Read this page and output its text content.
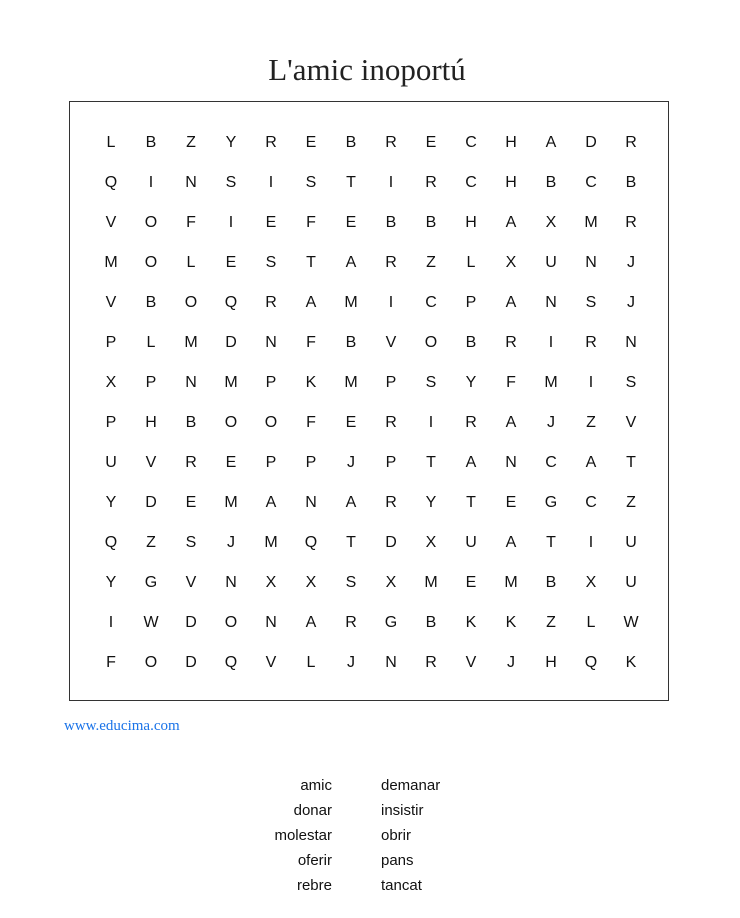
L'amic inoportú
L	B	Z	Y	R	E	B	R	E	C	H	A	D	R
Q	I	N	S	I	S	T	I	R	C	H	B	C	B
V	O	F	I	E	F	E	B	B	H	A	X	M	R
M	O	L	E	S	T	A	R	Z	L	X	U	N	J
V	B	O	Q	R	A	M	I	C	P	A	N	S	J
P	L	M	D	N	F	B	V	O	B	R	I	R	N
X	P	N	M	P	K	M	P	S	Y	F	M	I	S
P	H	B	O	O	F	E	R	I	R	A	J	Z	V
U	V	R	E	P	P	J	P	T	A	N	C	A	T
Y	D	E	M	A	N	A	R	Y	T	E	G	C	Z
Q	Z	S	J	M	Q	T	D	X	U	A	T	I	U
Y	G	V	N	X	X	S	X	M	E	M	B	X	U
I	W	D	O	N	A	R	G	B	K	K	Z	L	W
F	O	D	Q	V	L	J	N	R	V	J	H	Q	K
www.educima.com
amic
donar
molestar
oferir
rebre
demanar
insistir
obrir
pans
tancat
